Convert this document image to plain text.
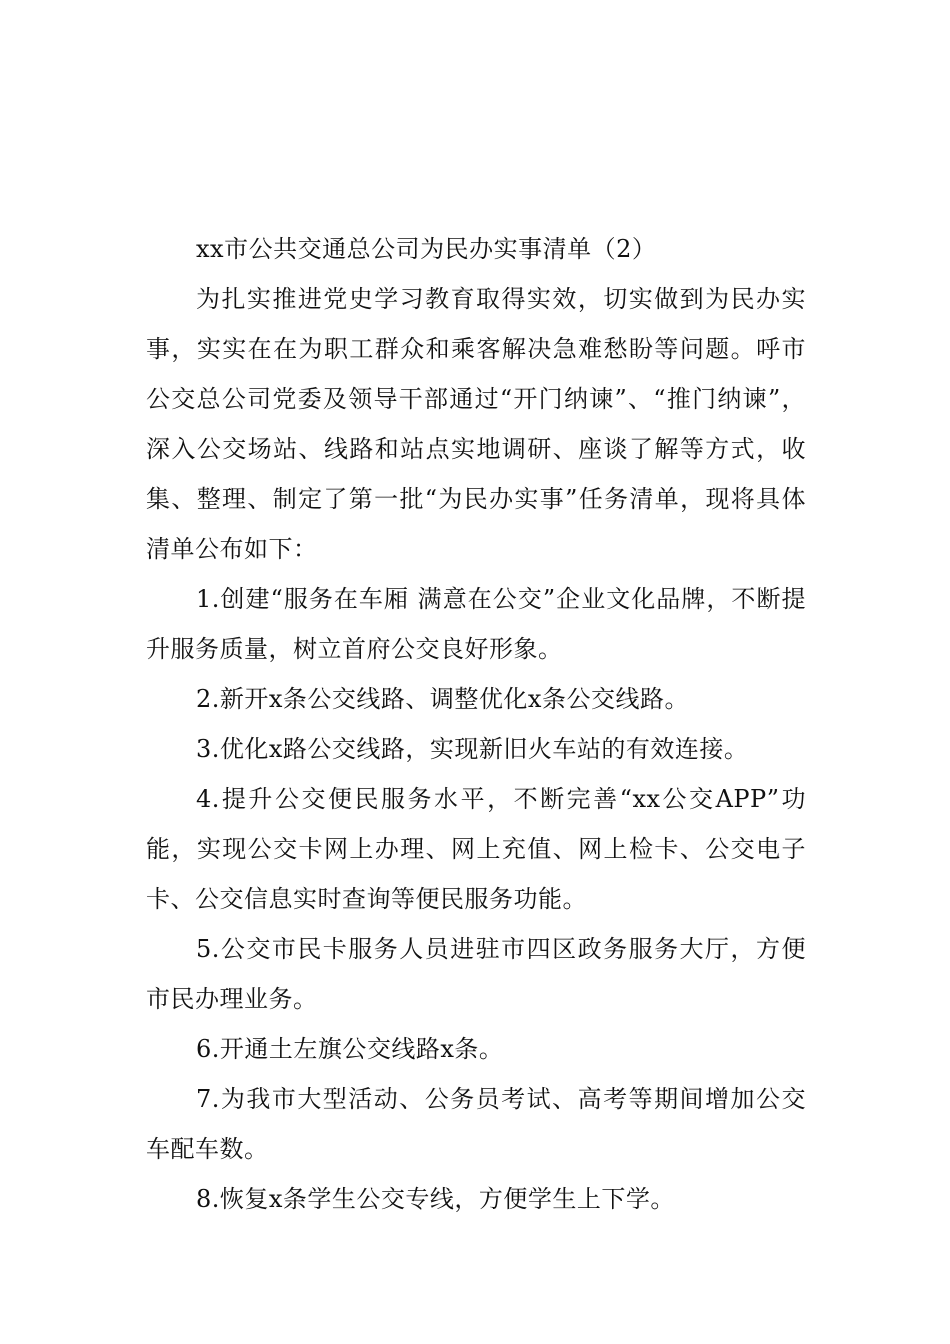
xx市公共交通总公司为民办实事清单（2）

为扎实推进党史学习教育取得实效，切实做到为民办实事，实实在在为职工群众和乘客解决急难愁盼等问题。呼市公交总公司党委及领导干部通过“开门纳谏”、“推门纳谏”，深入公交场站、线路和站点实地调研、座谈了解等方式，收集、整理、制定了第一批“为民办实事”任务清单，现将具体清单公布如下：

1.创建“服务在车厢 满意在公交”企业文化品牌，不断提升服务质量，树立首府公交良好形象。

2.新开x条公交线路、调整优化x条公交线路。

3.优化x路公交线路，实现新旧火车站的有效连接。

4.提升公交便民服务水平，不断完善“xx公交APP”功能，实现公交卡网上办理、网上充值、网上检卡、公交电子卡、公交信息实时查询等便民服务功能。

5.公交市民卡服务人员进驻市四区政务服务大厅，方便市民办理业务。

6.开通土左旗公交线路x条。

7.为我市大型活动、公务员考试、高考等期间增加公交车配车数。

8.恢复x条学生公交专线，方便学生上下学。
